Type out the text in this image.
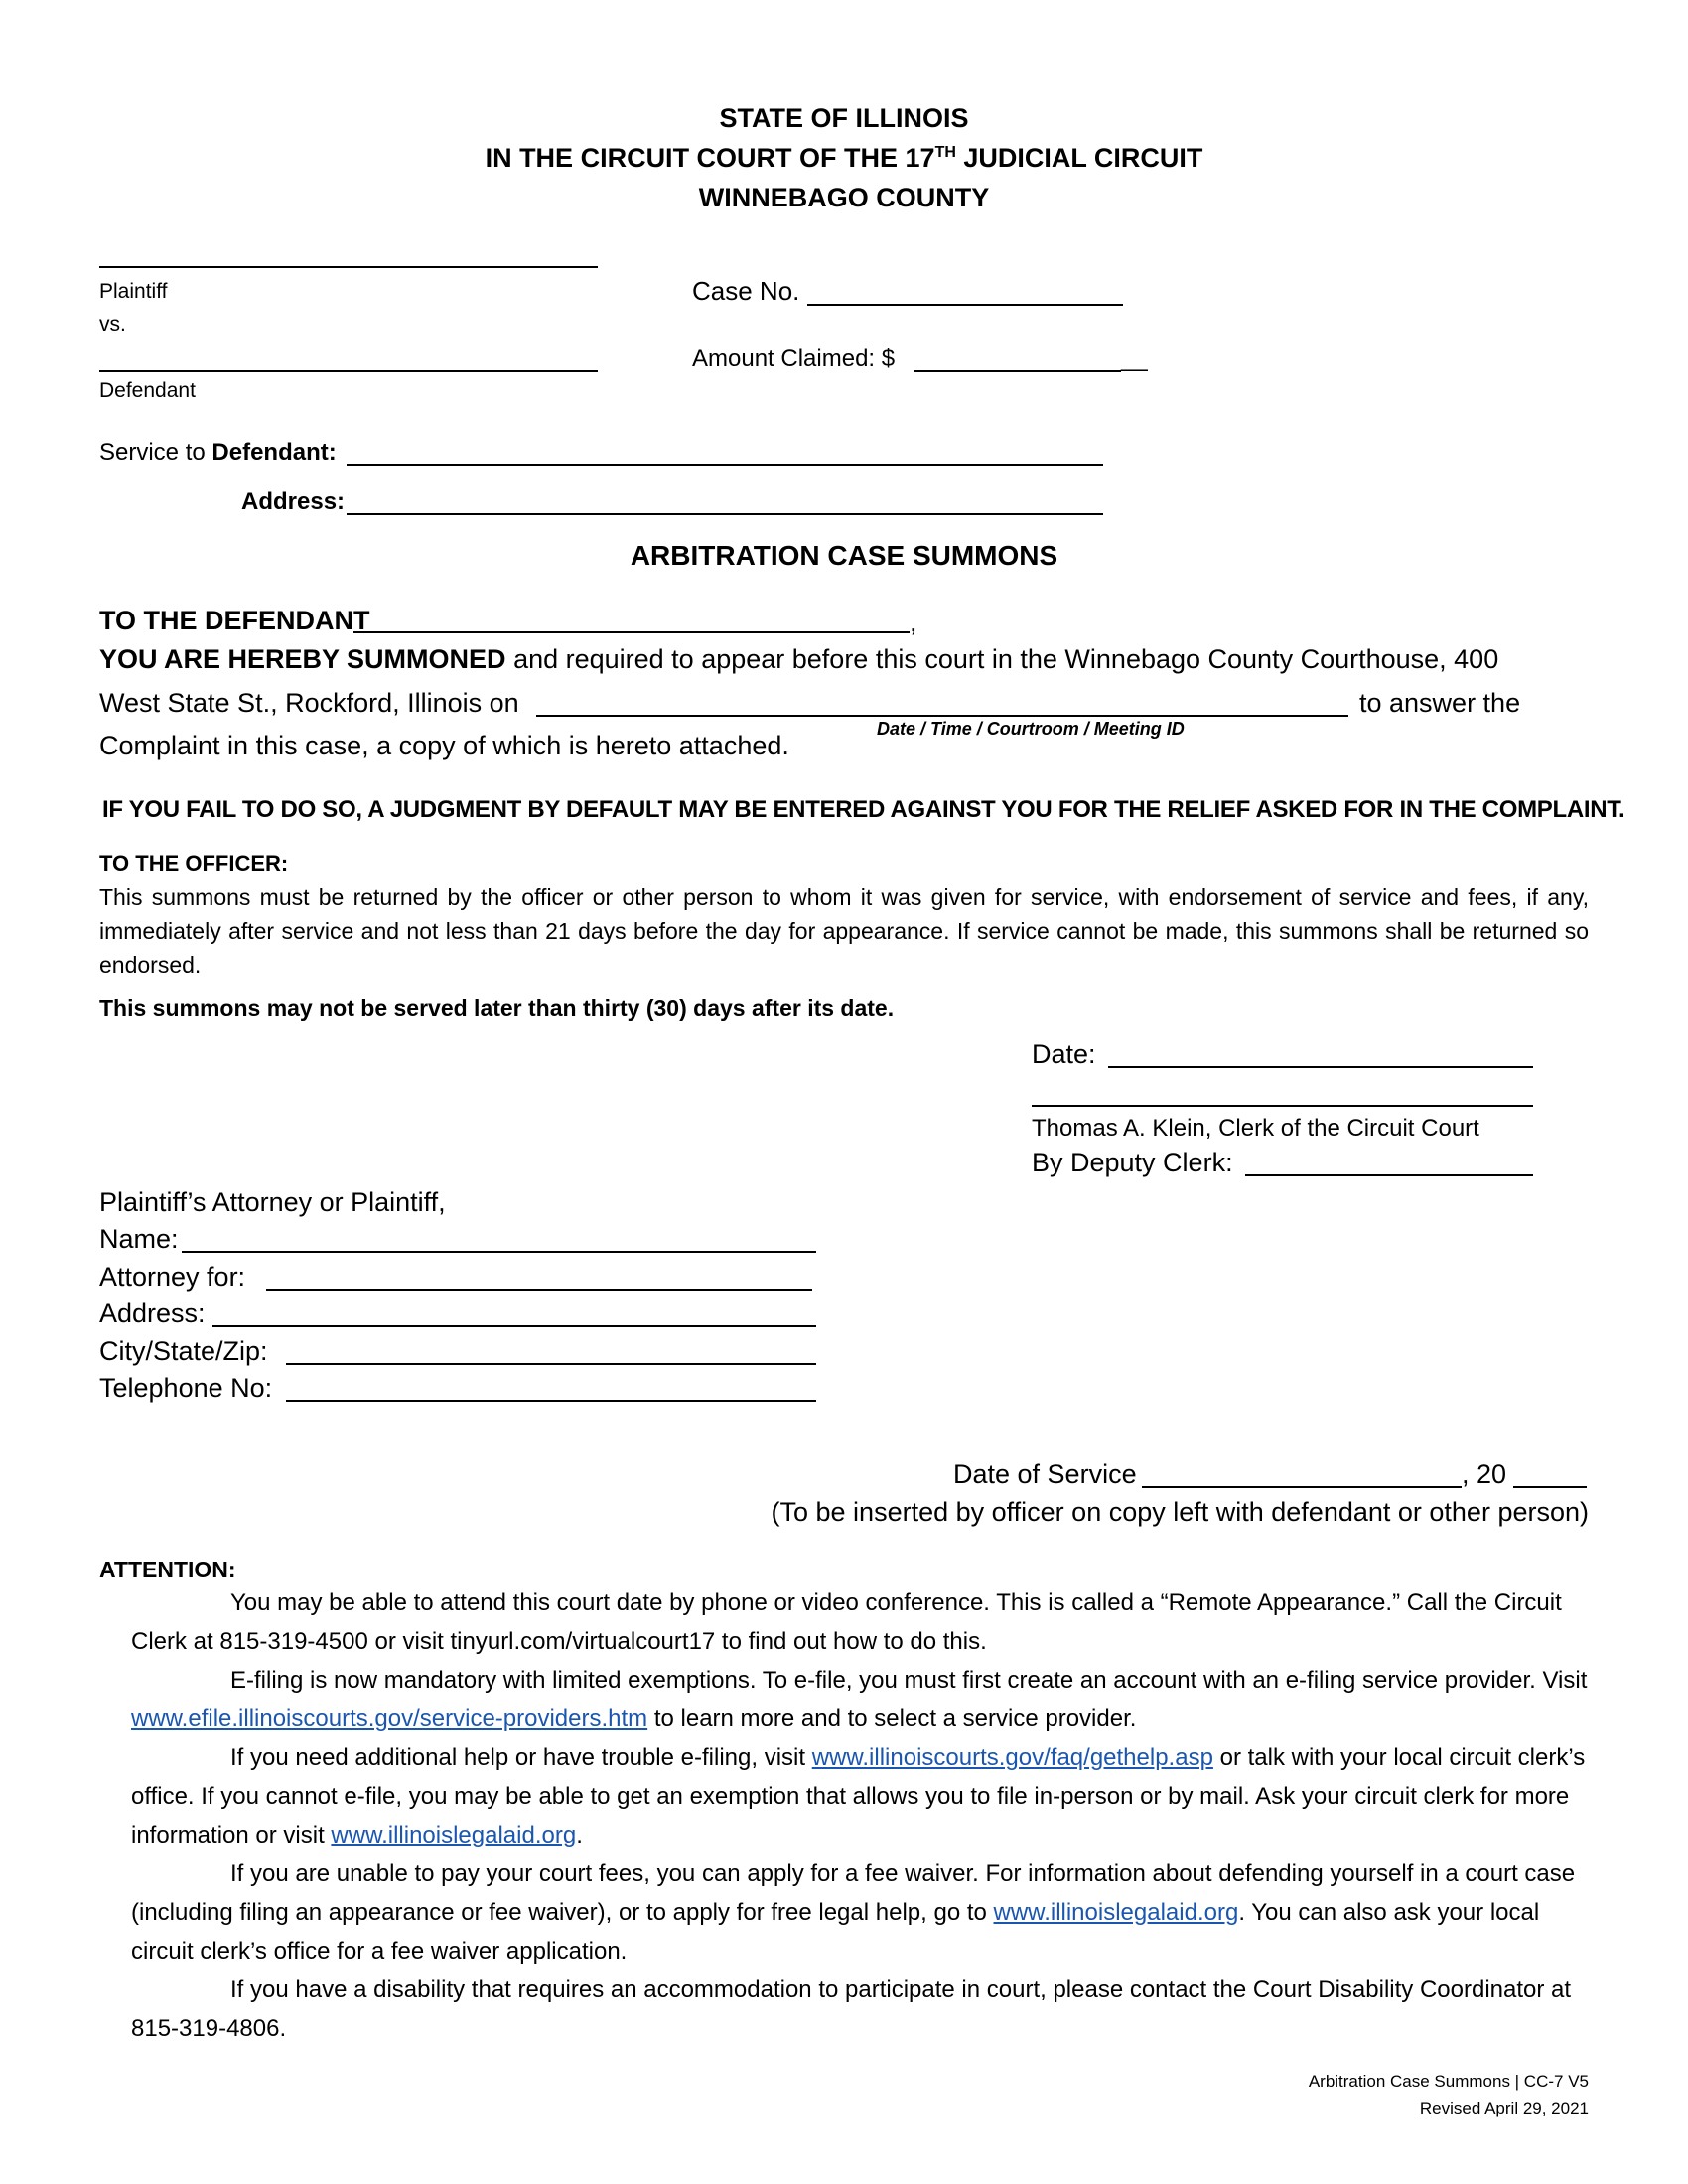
STATE OF ILLINOIS
IN THE CIRCUIT COURT OF THE 17TH JUDICIAL CIRCUIT
WINNEBAGO COUNTY
Plaintiff
vs.
Defendant
Case No.
Amount Claimed: $	__
Service to Defendant:
Address:
ARBITRATION CASE SUMMONS
TO THE DEFENDANT	,
YOU ARE HEREBY SUMMONED and required to appear before this court in the Winnebago County Courthouse, 400
West State St., Rockford, Illinois on	to answer the
Date / Time / Courtroom / Meeting ID
Complaint in this case, a copy of which is hereto attached.
IF YOU FAIL TO DO SO, A JUDGMENT BY DEFAULT MAY BE ENTERED AGAINST YOU FOR THE RELIEF ASKED FOR IN THE COMPLAINT.
TO THE OFFICER:
This summons must be returned by the officer or other person to whom it was given for service, with endorsement of service and fees, if any, immediately after service and not less than 21 days before the day for appearance. If service cannot be made, this summons shall be returned so endorsed.
This summons may not be served later than thirty (30) days after its date.
Date:
Thomas A. Klein, Clerk of the Circuit Court
By Deputy Clerk:
Plaintiff’s Attorney or Plaintiff,
Name:
Attorney for:
Address:
City/State/Zip:
Telephone No:
Date of Service	, 20
(To be inserted by officer on copy left with defendant or other person)
ATTENTION:

You may be able to attend this court date by phone or video conference. This is called a “Remote Appearance.” Call the Circuit Clerk at 815-319-4500 or visit tinyurl.com/virtualcourt17 to find out how to do this.

E-filing is now mandatory with limited exemptions. To e-file, you must first create an account with an e-filing service provider. Visit www.efile.illinoiscourts.gov/service-providers.htm to learn more and to select a service provider.

If you need additional help or have trouble e-filing, visit www.illinoiscourts.gov/faq/gethelp.asp or talk with your local circuit clerk’s office. If you cannot e-file, you may be able to get an exemption that allows you to file in-person or by mail. Ask your circuit clerk for more information or visit www.illinoislegalaid.org.

If you are unable to pay your court fees, you can apply for a fee waiver. For information about defending yourself in a court case (including filing an appearance or fee waiver), or to apply for free legal help, go to www.illinoislegalaid.org. You can also ask your local circuit clerk’s office for a fee waiver application.

If you have a disability that requires an accommodation to participate in court, please contact the Court Disability Coordinator at 815-319-4806.

Arbitration Case Summons | CC-7 V5
Revised April 29, 2021
